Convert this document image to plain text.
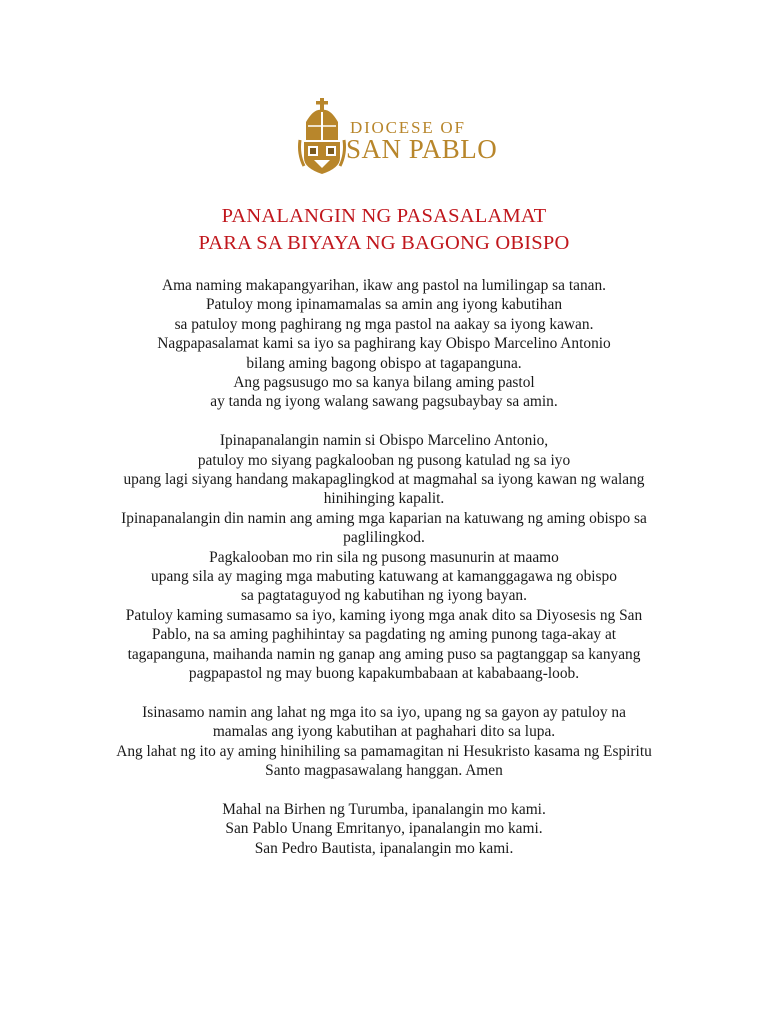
DIOCESE OF
SAN PABLO
PANALANGIN NG PASASALAMAT
PARA SA BIYAYA NG BAGONG OBISPO
Ama naming makapangyarihan, ikaw ang pastol na lumilingap sa tanan.
Patuloy mong ipinamamalas sa amin ang iyong kabutihan
sa patuloy mong paghirang ng mga pastol na aakay sa iyong kawan.
Nagpapasalamat kami sa iyo sa paghirang kay Obispo Marcelino Antonio
bilang aming bagong obispo at tagapanguna.
Ang pagsusugo mo sa kanya bilang aming pastol
ay tanda ng iyong walang sawang pagsubaybay sa amin.
Ipinapanalangin namin si Obispo Marcelino Antonio,
patuloy mo siyang pagkalooban ng pusong katulad ng sa iyo
upang lagi siyang handang makapaglingkod at magmahal sa iyong kawan ng walang
hinihinging kapalit.
Ipinapanalangin din namin ang aming mga kaparian na katuwang ng aming obispo sa
paglilingkod.
Pagkalooban mo rin sila ng pusong masunurin at maamo
upang sila ay maging mga mabuting katuwang at kamanggagawa ng obispo
sa pagtataguyod ng kabutihan ng iyong bayan.
Patuloy kaming sumasamo sa iyo, kaming iyong mga anak dito sa Diyosesis ng San
Pablo, na sa aming paghihintay sa pagdating ng aming punong taga-akay at
tagapanguna, maihanda namin ng ganap ang aming puso sa pagtanggap sa kanyang
pagpapastol ng may buong kapakumbabaan at kababaang-loob.
Isinasamo namin ang lahat ng mga ito sa iyo, upang ng sa gayon ay patuloy na
mamalas ang iyong kabutihan at paghahari dito sa lupa.
Ang lahat ng ito ay aming hinihiling sa pamamagitan ni Hesukristo kasama ng Espiritu
Santo magpasawalang hanggan. Amen
Mahal na Birhen ng Turumba, ipanalangin mo kami.
San Pablo Unang Emritanyo, ipanalangin mo kami.
San Pedro Bautista, ipanalangin mo kami.
